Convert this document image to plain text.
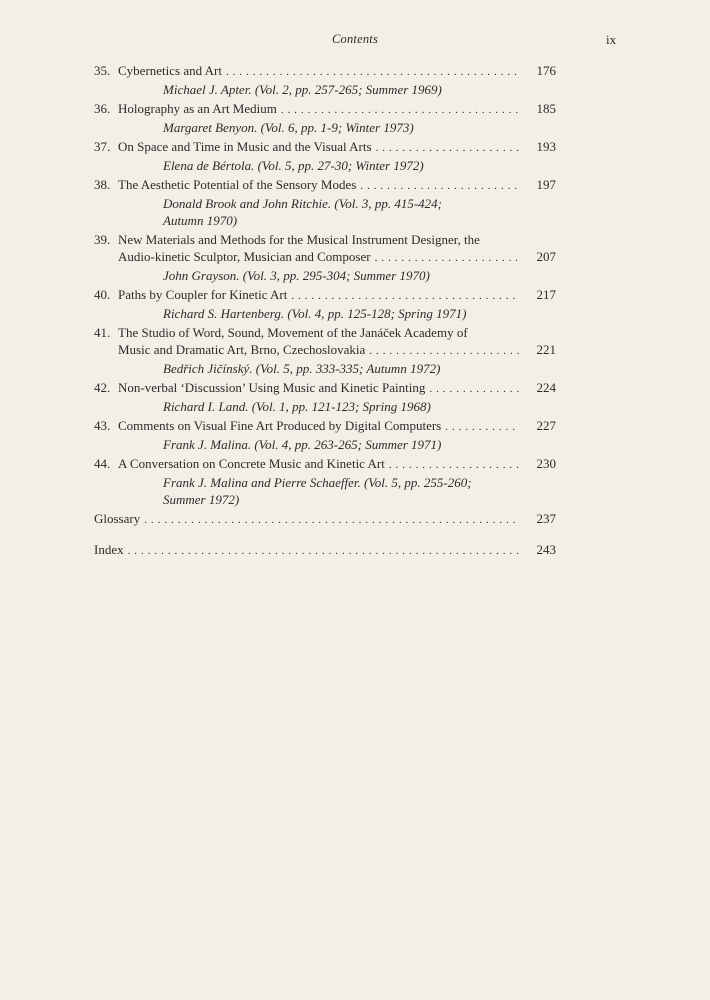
Contents	ix
35. Cybernetics and Art . . .	176
Michael J. Apter. (Vol. 2, pp. 257-265; Summer 1969)
36. Holography as an Art Medium . . .	185
Margaret Benyon. (Vol. 6, pp. 1-9; Winter 1973)
37. On Space and Time in Music and the Visual Arts . . .	193
Elena de Bértola. (Vol. 5, pp. 27-30; Winter 1972)
38. The Aesthetic Potential of the Sensory Modes . . .	197
Donald Brook and John Ritchie. (Vol. 3, pp. 415-424;
Autumn 1970)
39. New Materials and Methods for the Musical Instrument Designer, the
Audio-kinetic Sculptor, Musician and Composer . . .	207
John Grayson. (Vol. 3, pp. 295-304; Summer 1970)
40. Paths by Coupler for Kinetic Art . . .	217
Richard S. Hartenberg. (Vol. 4, pp. 125-128; Spring 1971)
41. The Studio of Word, Sound, Movement of the Janáček Academy of
Music and Dramatic Art, Brno, Czechoslovakia . . .	221
Bedřich Jičínský. (Vol. 5, pp. 333-335; Autumn 1972)
42. Non-verbal ‘Discussion’ Using Music and Kinetic Painting . . .	224
Richard I. Land. (Vol. 1, pp. 121-123; Spring 1968)
43. Comments on Visual Fine Art Produced by Digital Computers . . .	227
Frank J. Malina. (Vol. 4, pp. 263-265; Summer 1971)
44. A Conversation on Concrete Music and Kinetic Art . . .	230
Frank J. Malina and Pierre Schaeffer. (Vol. 5, pp. 255-260;
Summer 1972)
Glossary . . .	237
Index . . .	243
